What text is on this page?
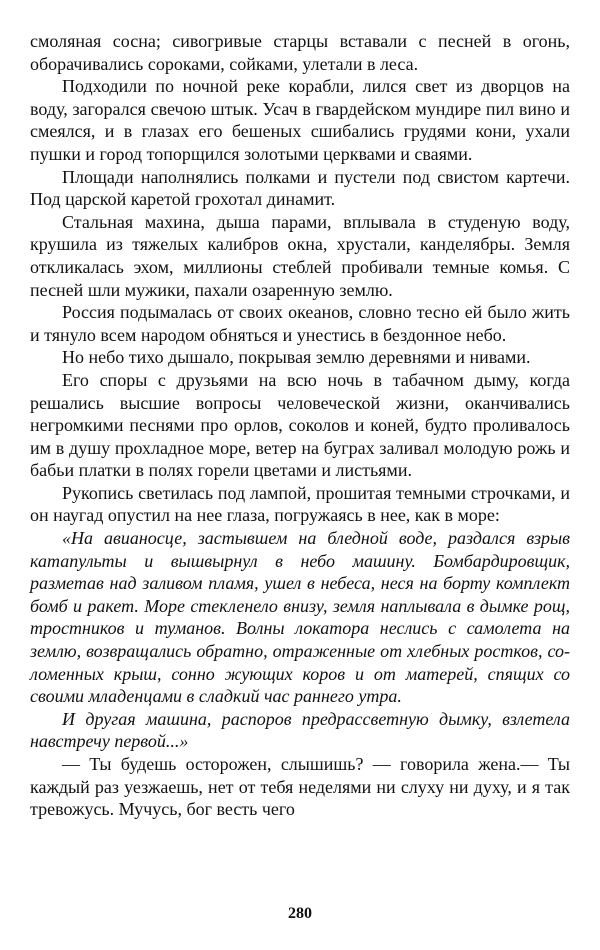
смоляная сосна; сивогривые старцы вставали с песней в огонь, оборачивались сороками, сойками, улетали в леса.

Подходили по ночной реке корабли, лился свет из дворцов на воду, загорался свечою штык. Усач в гвардейском мундире пил вино и смеялся, и в глазах его бешеных сшибались грудями кони, ухали пушки и город топорщился золотыми церквами и сваями.

Площади наполнялись полками и пустели под свистом картечи. Под царской каретой грохотал динамит.

Стальная махина, дыша парами, вплывала в студеную воду, крушила из тяжелых калибров окна, хрустали, канделябры. Земля откликалась эхом, миллионы стеблей пробивали темные комья. С песней шли мужики, пахали озаренную землю.

Россия подымалась от своих океанов, словно тесно ей было жить и тянуло всем народом обняться и унестись в бездонное небо.

Но небо тихо дышало, покрывая землю деревнями и нивами.

Его споры с друзьями на всю ночь в табачном дыму, когда решались высшие вопросы человеческой жизни, оканчивались негромкими песнями про орлов, соколов и коней, будто проливалось им в душу прохладное море, ветер на буграх заливал молодую рожь и бабьи платки в полях горели цветами и листьями.

Рукопись светилась под лампой, прошитая темными строчками, и он наугад опустил на нее глаза, погружаясь в нее, как в море:

«На авианосце, застывшем на бледной воде, раздался взрыв катапульты и вышвырнул в небо машину. Бомбардировщик, разметав над заливом пламя, ушел в небеса, неся на борту комплект бомб и ракет. Море стекленело внизу, земля наплывала в дымке рощ, тростников и туманов. Волны локатора неслись с самолета на землю, возвращались обратно, отраженные от хлебных ростков, соломенных крыш, сонно жующих коров и от матерей, спящих со своими младенцами в сладкий час раннего утра.

И другая машина, распоров предрассветную дымку, взлетела навстречу первой...»

— Ты будешь осторожен, слышишь? — говорила жена.— Ты каждый раз уезжаешь, нет от тебя неделями ни слуху ни духу, и я так тревожусь. Мучусь, бог весть чего

280
